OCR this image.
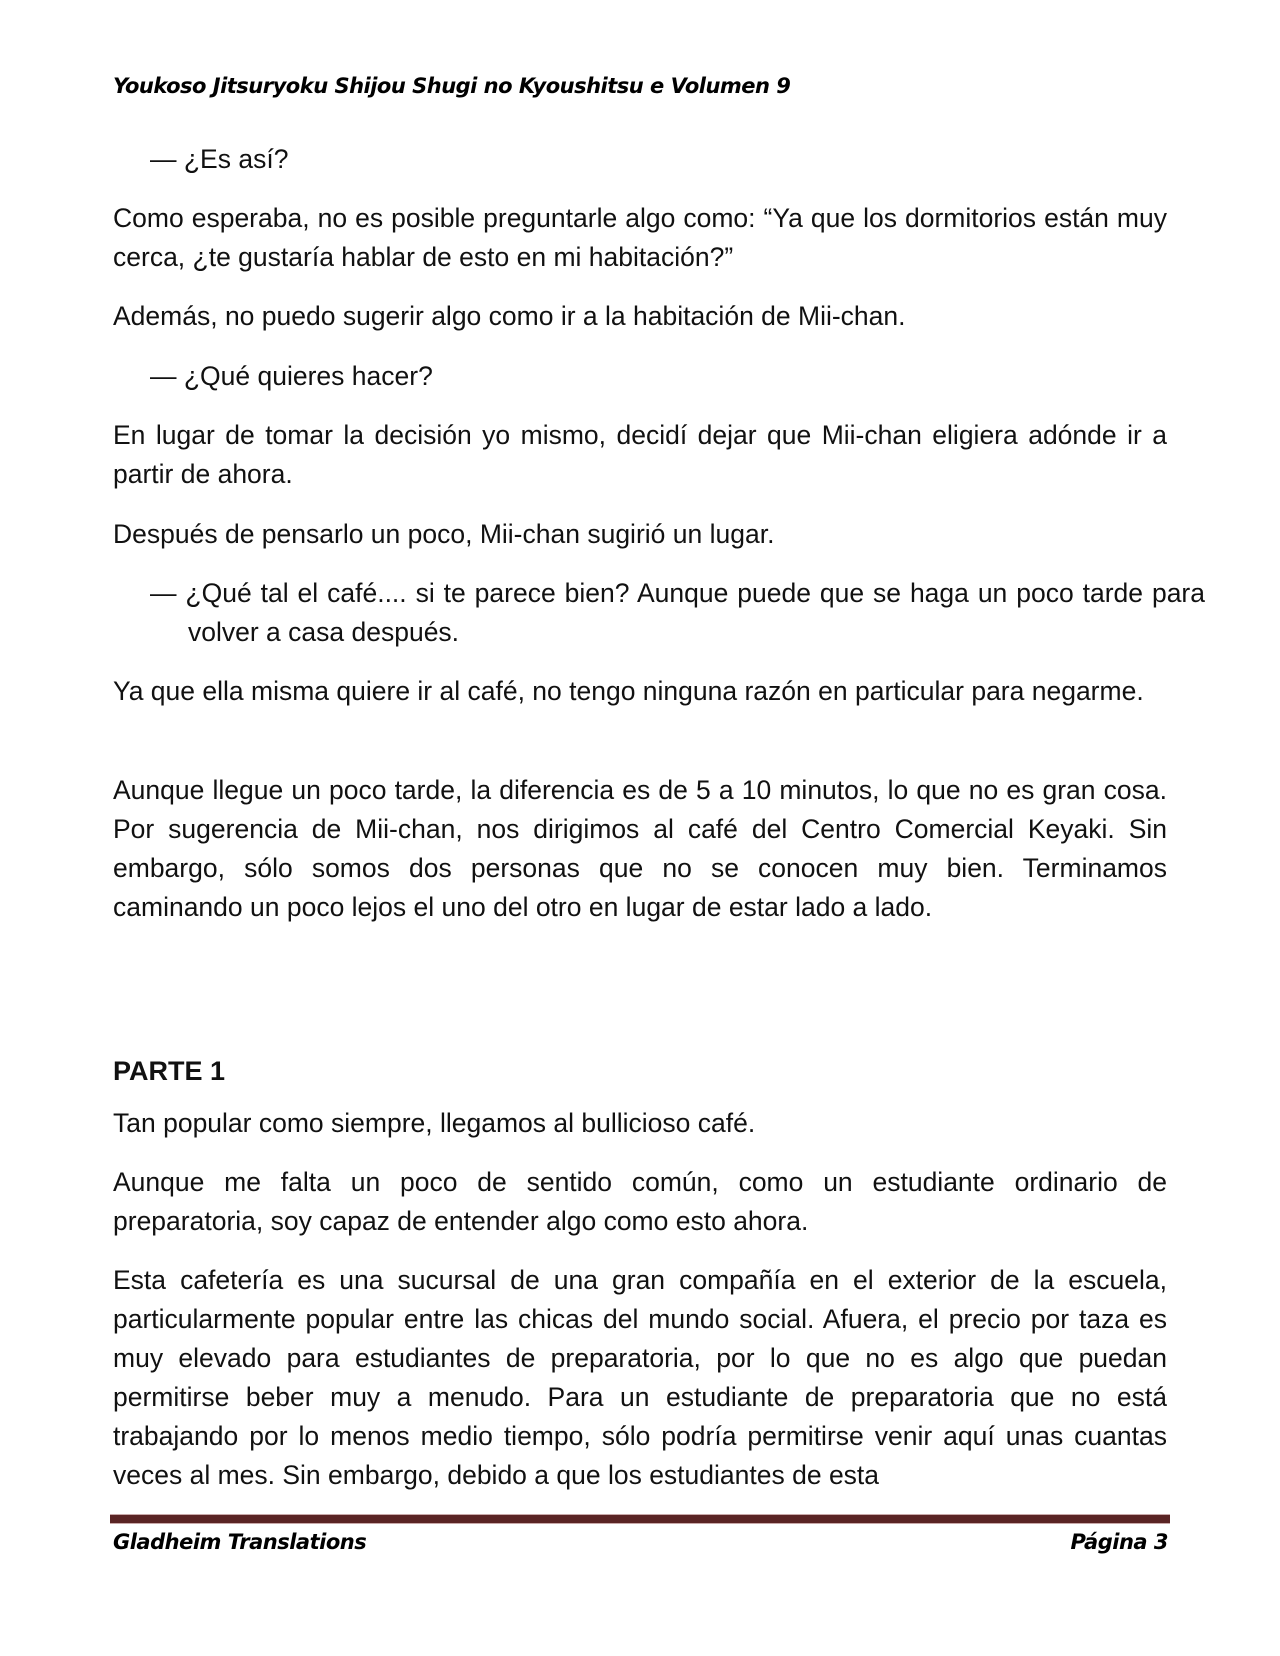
Youkoso Jitsuryoku Shijou Shugi no Kyoushitsu e Volumen 9

— ¿Es así?

Como esperaba, no es posible preguntarle algo como: “Ya que los dormitorios están muy cerca, ¿te gustaría hablar de esto en mi habitación?”

Además, no puedo sugerir algo como ir a la habitación de Mii-chan.

— ¿Qué quieres hacer?

En lugar de tomar la decisión yo mismo, decidí dejar que Mii-chan eligiera adónde ir a partir de ahora.

Después de pensarlo un poco, Mii-chan sugirió un lugar.

— ¿Qué tal el café.... si te parece bien? Aunque puede que se haga un poco tarde para volver a casa después.

Ya que ella misma quiere ir al café, no tengo ninguna razón en particular para negarme.

Aunque llegue un poco tarde, la diferencia es de 5 a 10 minutos, lo que no es gran cosa. Por sugerencia de Mii-chan, nos dirigimos al café del Centro Comercial Keyaki. Sin embargo, sólo somos dos personas que no se conocen muy bien. Terminamos caminando un poco lejos el uno del otro en lugar de estar lado a lado.

PARTE 1

Tan popular como siempre, llegamos al bullicioso café.

Aunque me falta un poco de sentido común, como un estudiante ordinario de preparatoria, soy capaz de entender algo como esto ahora.

Esta cafetería es una sucursal de una gran compañía en el exterior de la escuela, particularmente popular entre las chicas del mundo social. Afuera, el precio por taza es muy elevado para estudiantes de preparatoria, por lo que no es algo que puedan permitirse beber muy a menudo. Para un estudiante de preparatoria que no está trabajando por lo menos medio tiempo, sólo podría permitirse venir aquí unas cuantas veces al mes. Sin embargo, debido a que los estudiantes de esta

Gladheim Translations	Página 3
